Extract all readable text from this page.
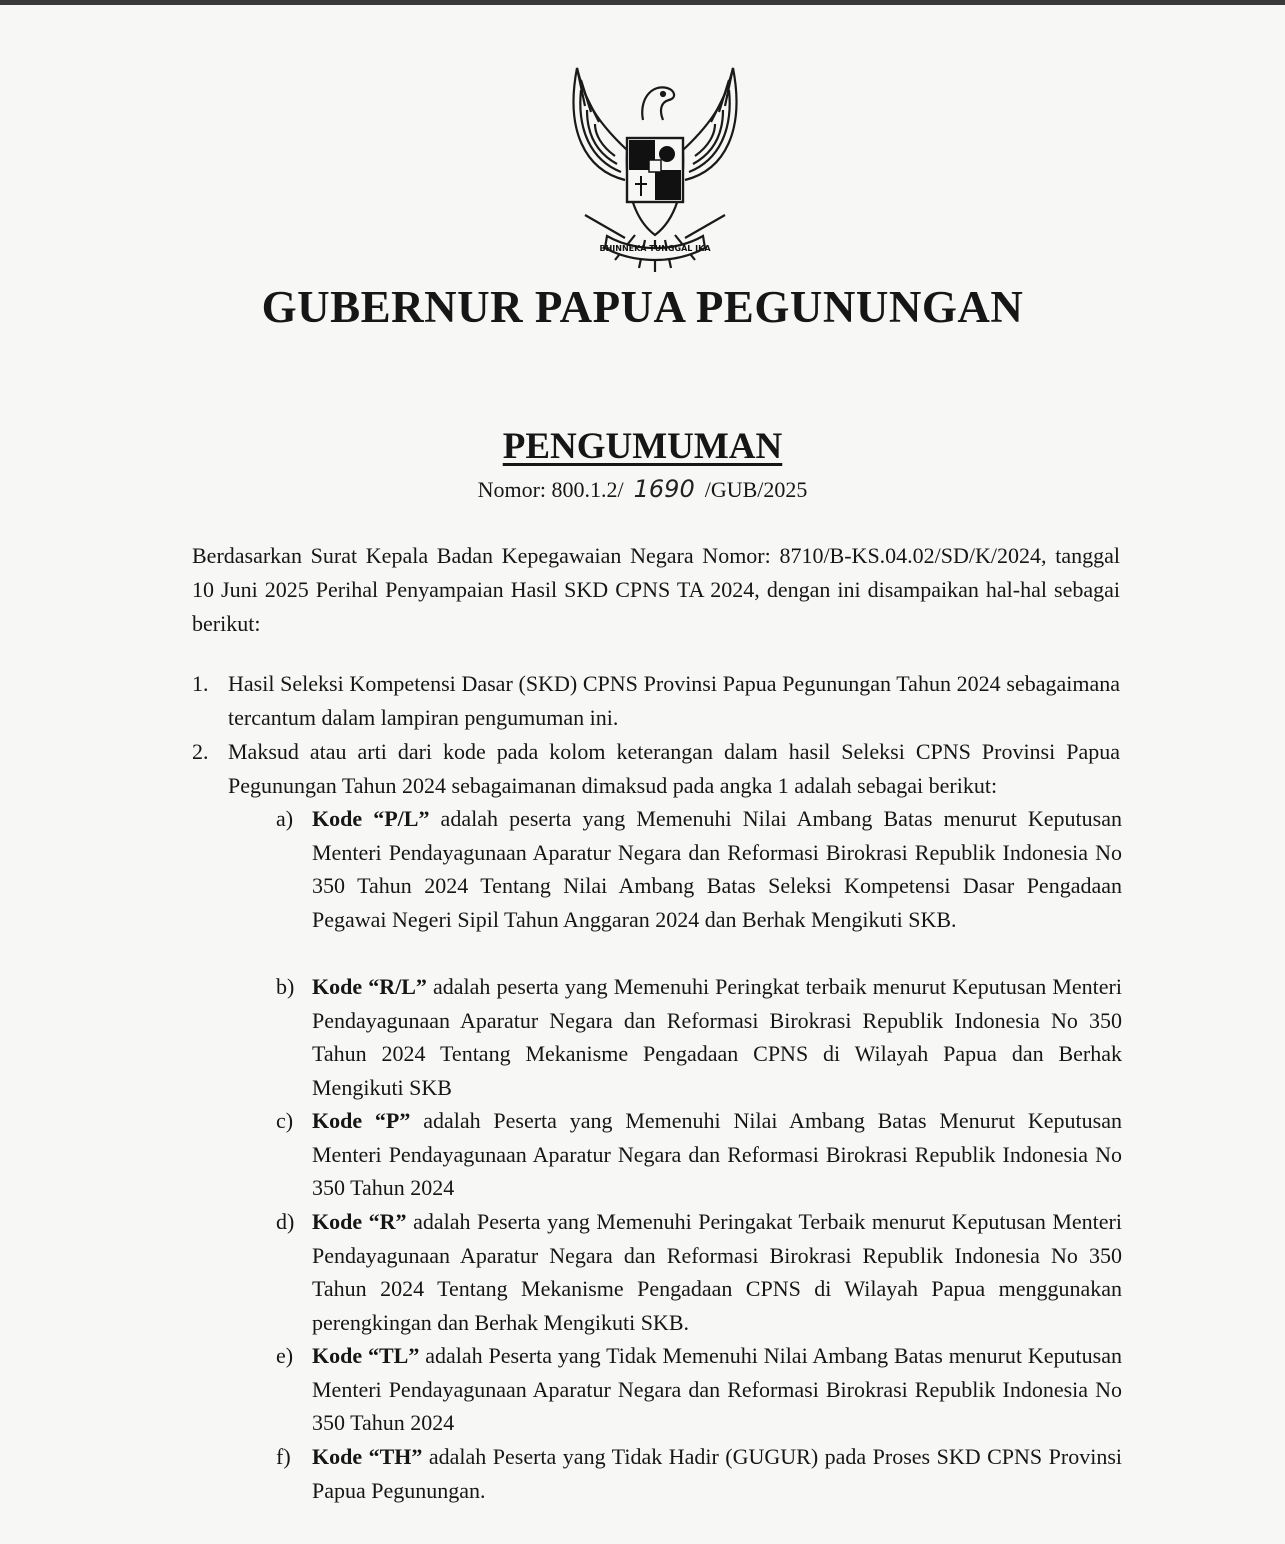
BHINNEKA TUNGGAL IKA
GUBERNUR PAPUA PEGUNUNGAN
PENGUMUMAN
Nomor: 800.1.2/ 1690 /GUB/2025

Berdasarkan Surat Kepala Badan Kepegawaian Negara Nomor: 8710/B-KS.04.02/SD/K/2024, tanggal 10 Juni 2025 Perihal Penyampaian Hasil SKD CPNS TA 2024, dengan ini disampaikan hal-hal sebagai berikut:

1. Hasil Seleksi Kompetensi Dasar (SKD) CPNS Provinsi Papua Pegunungan Tahun 2024 sebagaimana tercantum dalam lampiran pengumuman ini.
2. Maksud atau arti dari kode pada kolom keterangan dalam hasil Seleksi CPNS Provinsi Papua Pegunungan Tahun 2024 sebagaimanan dimaksud pada angka 1 adalah sebagai berikut:
a) Kode “P/L” adalah peserta yang Memenuhi Nilai Ambang Batas menurut Keputusan Menteri Pendayagunaan Aparatur Negara dan Reformasi Birokrasi Republik Indonesia No 350 Tahun 2024 Tentang Nilai Ambang Batas Seleksi Kompetensi Dasar Pengadaan Pegawai Negeri Sipil Tahun Anggaran 2024 dan Berhak Mengikuti SKB.
b) Kode “R/L” adalah peserta yang Memenuhi Peringkat terbaik menurut Keputusan Menteri Pendayagunaan Aparatur Negara dan Reformasi Birokrasi Republik Indonesia No 350 Tahun 2024 Tentang Mekanisme Pengadaan CPNS di Wilayah Papua dan Berhak Mengikuti SKB
c) Kode “P” adalah Peserta yang Memenuhi Nilai Ambang Batas Menurut Keputusan Menteri Pendayagunaan Aparatur Negara dan Reformasi Birokrasi Republik Indonesia No 350 Tahun 2024
d) Kode “R” adalah Peserta yang Memenuhi Peringakat Terbaik menurut Keputusan Menteri Pendayagunaan Aparatur Negara dan Reformasi Birokrasi Republik Indonesia No 350 Tahun 2024 Tentang Mekanisme Pengadaan CPNS di Wilayah Papua menggunakan perengkingan dan Berhak Mengikuti SKB.
e) Kode “TL” adalah Peserta yang Tidak Memenuhi Nilai Ambang Batas menurut Keputusan Menteri Pendayagunaan Aparatur Negara dan Reformasi Birokrasi Republik Indonesia No 350 Tahun 2024
f) Kode “TH” adalah Peserta yang Tidak Hadir (GUGUR) pada Proses SKD CPNS Provinsi Papua Pegunungan.
